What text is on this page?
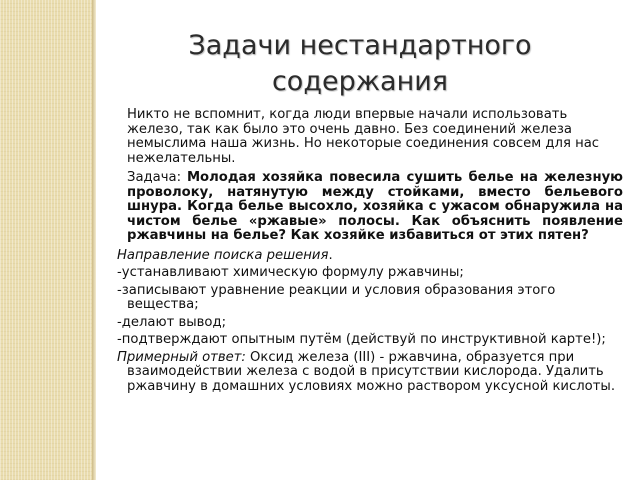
Задачи нестандартного
содержания

Никто не вспомнит, когда люди впервые начали использовать железо, так как было это очень давно. Без соединений железа немыслима наша жизнь. Но некоторые соединения совсем для нас нежелательны.

Задача: Молодая хозяйка повесила сушить белье на железную проволоку, натянутую между стойками, вместо бельевого шнура. Когда белье высохло, хозяйка с ужасом обнаружила на чистом белье «ржавые» полосы. Как объяснить появление ржавчины на белье? Как хозяйке избавиться от этих пятен?

Направление поиска решения.

-устанавливают химическую формулу ржавчины;

-записывают уравнение реакции и условия образования этого вещества;

-делают вывод;

-подтверждают опытным путём (действуй по инструктивной карте!);

Примерный ответ: Оксид железа (III) - ржавчина, образуется при взаимодействии железа с водой в присутствии кислорода. Удалить ржавчину в домашних условиях можно раствором уксусной кислоты.
